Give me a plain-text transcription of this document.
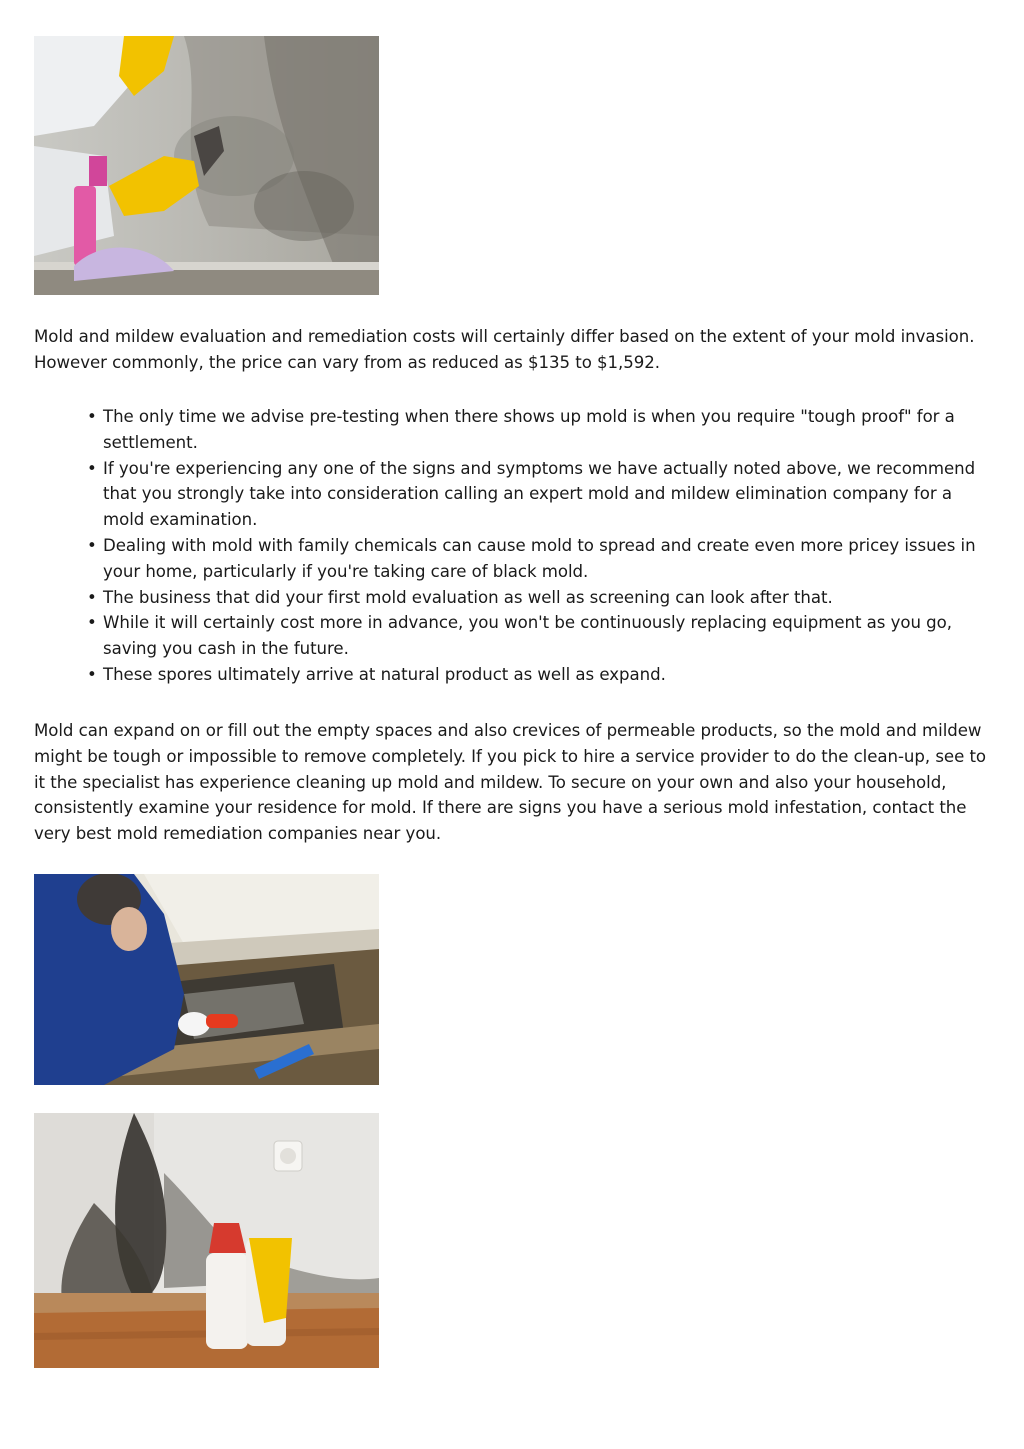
Mold and mildew evaluation and remediation costs will certainly differ based on the extent of your mold invasion. However commonly, the price can vary from as reduced as $135 to $1,592.

• The only time we advise pre-testing when there shows up mold is when you require "tough proof" for a settlement.
• If you're experiencing any one of the signs and symptoms we have actually noted above, we recommend that you strongly take into consideration calling an expert mold and mildew elimination company for a mold examination.
• Dealing with mold with family chemicals can cause mold to spread and create even more pricey issues in your home, particularly if you're taking care of black mold.
• The business that did your first mold evaluation as well as screening can look after that.
• While it will certainly cost more in advance, you won't be continuously replacing equipment as you go, saving you cash in the future.
• These spores ultimately arrive at natural product as well as expand.

Mold can expand on or fill out the empty spaces and also crevices of permeable products, so the mold and mildew might be tough or impossible to remove completely. If you pick to hire a service provider to do the clean-up, see to it the specialist has experience cleaning up mold and mildew. To secure on your own and also your household, consistently examine your residence for mold. If there are signs you have a serious mold infestation, contact the very best mold remediation companies near you.
